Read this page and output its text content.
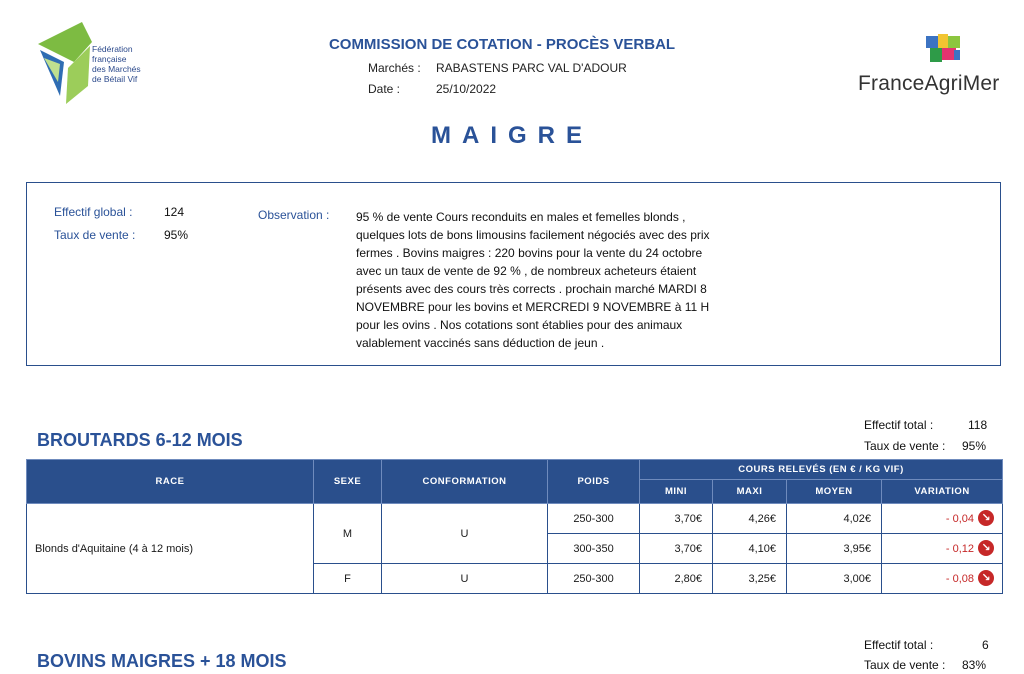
Fédération
française
des Marchés
de Bétail Vif
COMMISSION DE COTATION - PROCÈS VERBAL
Marchés : RABASTENS PARC VAL D'ADOUR
Date :	25/10/2022	FranceAgriMer
MAIGRE
Effectif global :	124
Taux de vente : 95%
Observation : 95 % de vente Cours reconduits en males et femelles blonds ,
quelques lots de bons limousins facilement négociés avec des prix
fermes . Bovins maigres : 220 bovins pour la vente du 24 octobre
avec un taux de vente de 92 % , de nombreux acheteurs étaient
présents avec des cours très corrects . prochain marché MARDI 8
NOVEMBRE pour les bovins et MERCREDI 9 NOVEMBRE à 11 H
pour les ovins . Nos cotations sont établies pour des animaux
valablement vaccinés sans déduction de jeun .
Effectif total :	118
Taux de vente : 95%
BROUTARDS 6-12 MOIS
RACE	SEXE	CONFORMATION	POIDS	COURS RELEVÉS (EN € / KG VIF)			
				MINI	MAXI	MOYEN	VARIATION
Blonds d'Aquitaine (4 à 12 mois)	M	U	250-300	3,70€	4,26€	4,02€	- 0,04 ↘

			300-350	3,70€	4,10€	3,95€	- 0,12 ↘

	F	U	250-300	2,80€	3,25€	3,00€	- 0,08 ↘
Effectif total :	6
Taux de vente : 83%
BOVINS MAIGRES + 18 MOIS
